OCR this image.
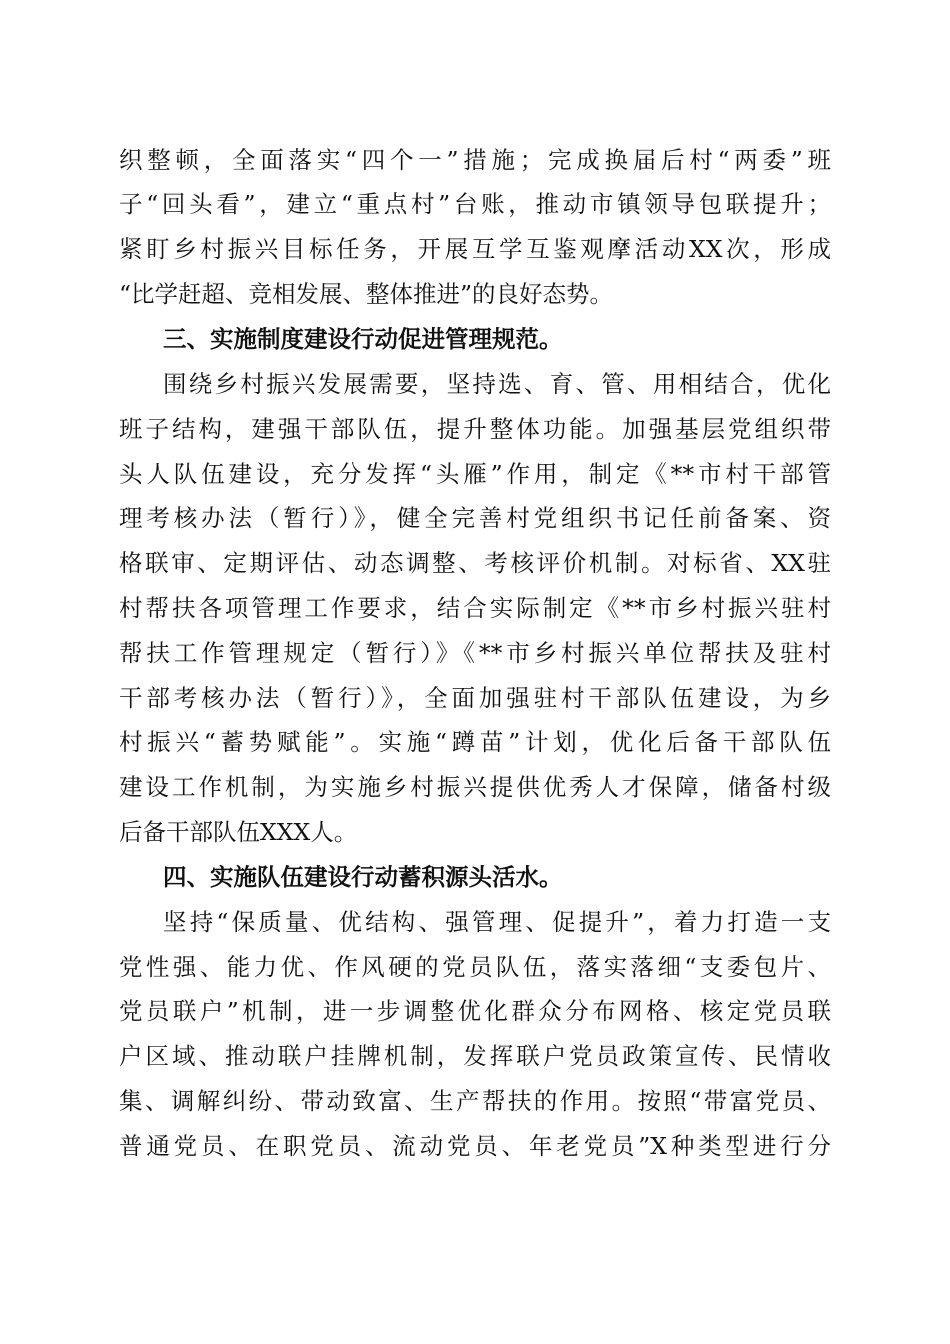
织整顿，全面落实“四个一”措施；完成换届后村“两委”班
子“回头看”，建立“重点村”台账，推动市镇领导包联提升；
紧盯乡村振兴目标任务，开展互学互鉴观摩活动XX次，形成
“比学赶超、竞相发展、整体推进”的良好态势。
三、实施制度建设行动促进管理规范。
围绕乡村振兴发展需要，坚持选、育、管、用相结合，优化
班子结构，建强干部队伍，提升整体功能。加强基层党组织带
头人队伍建设，充分发挥“头雁”作用，制定《**市村干部管
理考核办法（暂行）》，健全完善村党组织书记任前备案、资
格联审、定期评估、动态调整、考核评价机制。对标省、XX驻
村帮扶各项管理工作要求，结合实际制定《**市乡村振兴驻村
帮扶工作管理规定（暂行）》《**市乡村振兴单位帮扶及驻村
干部考核办法（暂行）》，全面加强驻村干部队伍建设，为乡
村振兴“蓄势赋能”。实施“蹲苗”计划，优化后备干部队伍
建设工作机制，为实施乡村振兴提供优秀人才保障，储备村级
后备干部队伍XXX人。
四、实施队伍建设行动蓄积源头活水。
坚持“保质量、优结构、强管理、促提升”，着力打造一支
党性强、能力优、作风硬的党员队伍，落实落细“支委包片、
党员联户”机制，进一步调整优化群众分布网格、核定党员联
户区域、推动联户挂牌机制，发挥联户党员政策宣传、民情收
集、调解纠纷、带动致富、生产帮扶的作用。按照“带富党员、
普通党员、在职党员、流动党员、年老党员”X种类型进行分
